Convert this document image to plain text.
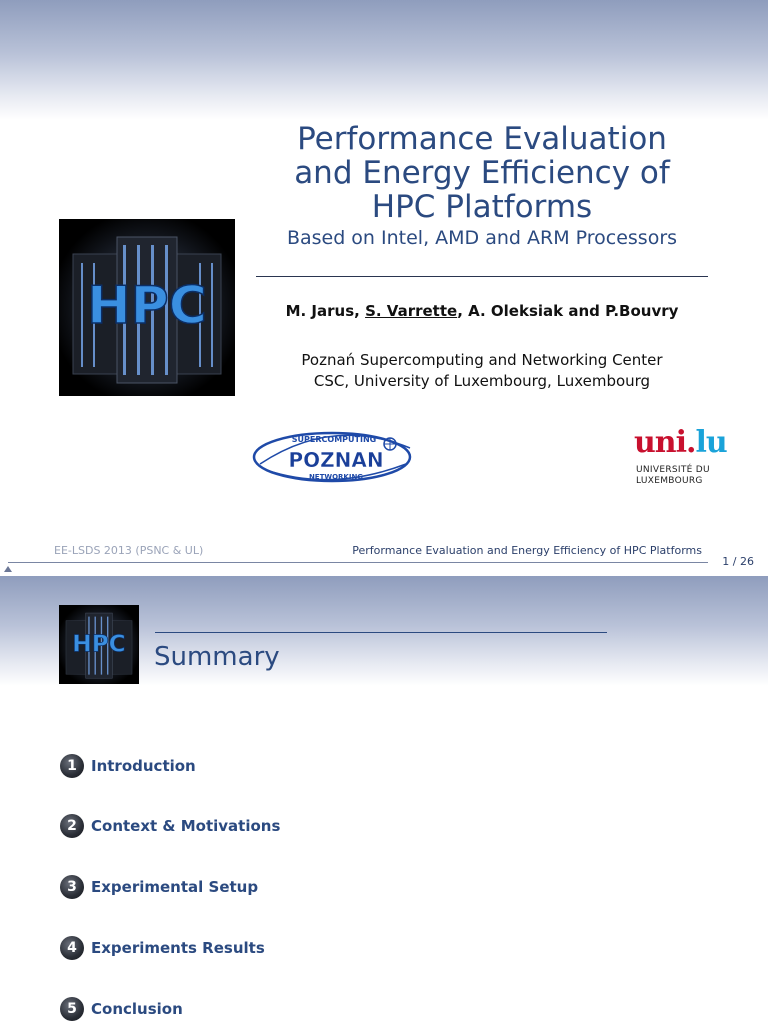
Performance Evaluation
and Energy Efficiency of
HPC Platforms
Based on Intel, AMD and ARM Processors
M. Jarus, S. Varrette, A. Oleksiak and P.Bouvry
Poznań Supercomputing and Networking Center
CSC, University of Luxembourg, Luxembourg
HPC
SUPERCOMPUTING
POZNAN
NETWORKING
uni.lu
UNIVERSITÉ DU
LUXEMBOURG
EE-LSDS 2013 (PSNC & UL)	Performance Evaluation and Energy Efficiency of HPC Platforms
1 / 26
HPC Summary
1 Introduction
2 Context & Motivations
3 Experimental Setup
4 Experiments Results
5 Conclusion
